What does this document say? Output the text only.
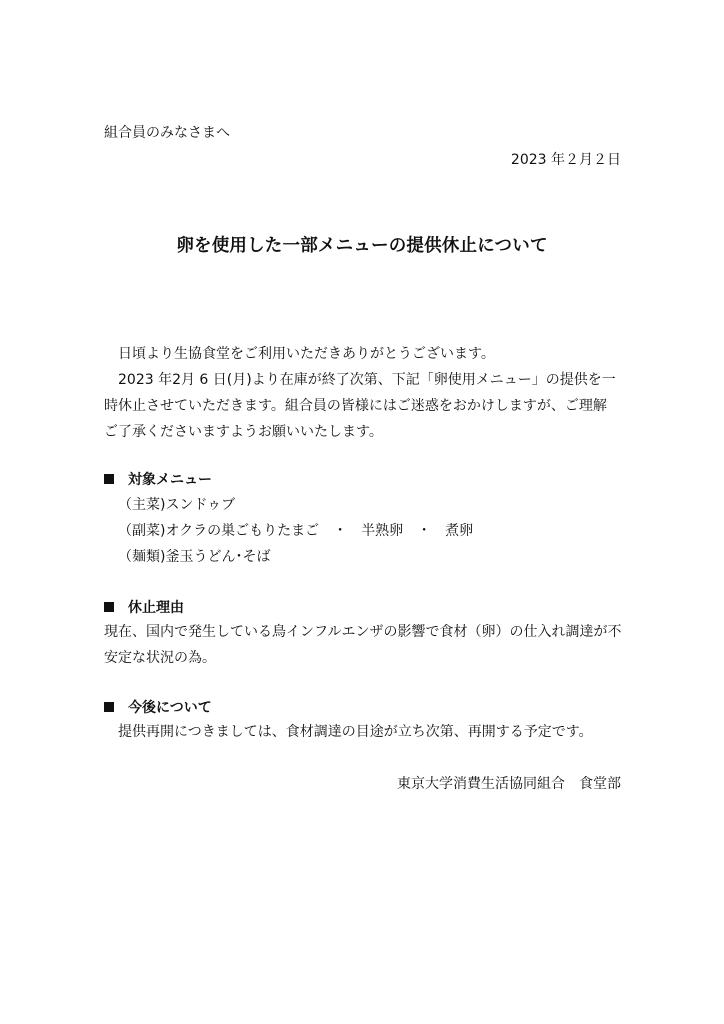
組合員のみなさまへ
2023 年２月２日
卵を使用した一部メニューの提供休止について
日頃より生協食堂をご利用いただきありがとうございます。
2023 年2月 6 日(月)より在庫が終了次第、下記「卵使用メニュー」の提供を一
時休止させていただきます。組合員の皆様にはご迷惑をおかけしますが、ご理解
ご了承くださいますようお願いいたします。
対象メニュー
（主菜)スンドゥブ
（副菜)オクラの巣ごもりたまご　・　半熟卵　・　煮卵
（麺類)釜玉うどん･そば
休止理由
現在、国内で発生している鳥インフルエンザの影響で食材（卵）の仕入れ調達が不
安定な状況の為。
今後について
提供再開につきましては、食材調達の目途が立ち次第、再開する予定です。
東京大学消費生活協同組合　食堂部
